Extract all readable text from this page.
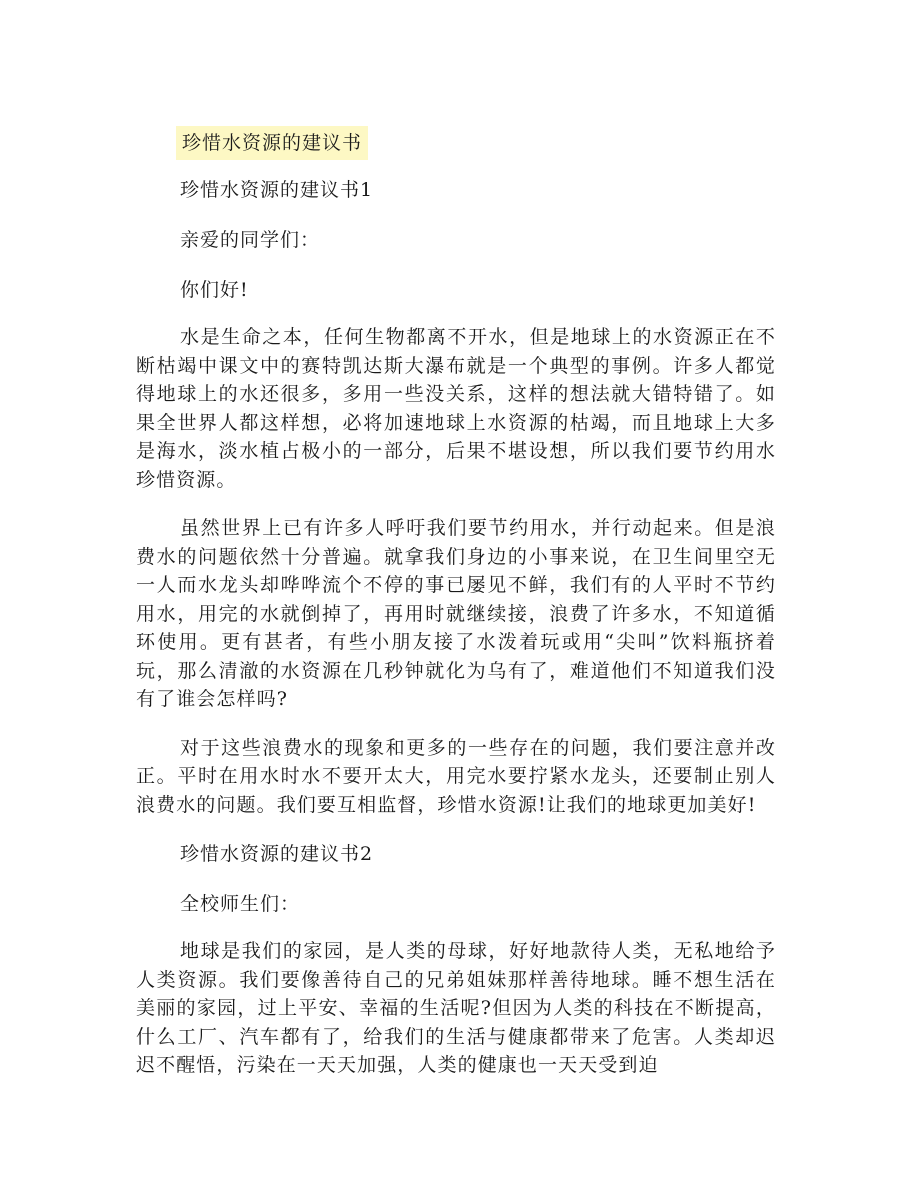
珍惜水资源的建议书
珍惜水资源的建议书1
亲爱的同学们：
你们好!

水是生命之本，任何生物都离不开水，但是地球上的水资源正在不断枯竭中课文中的赛特凯达斯大瀑布就是一个典型的事例。许多人都觉得地球上的水还很多，多用一些没关系，这样的想法就大错特错了。如果全世界人都这样想，必将加速地球上水资源的枯竭，而且地球上大多是海水，淡水植占极小的一部分，后果不堪设想，所以我们要节约用水珍惜资源。

虽然世界上已有许多人呼吁我们要节约用水，并行动起来。但是浪费水的问题依然十分普遍。就拿我们身边的小事来说，在卫生间里空无一人而水龙头却哗哗流个不停的事已屡见不鲜，我们有的人平时不节约用水，用完的水就倒掉了，再用时就继续接，浪费了许多水，不知道循环使用。更有甚者，有些小朋友接了水泼着玩或用“尖叫”饮料瓶挤着玩，那么清澈的水资源在几秒钟就化为乌有了，难道他们不知道我们没有了谁会怎样吗?

对于这些浪费水的现象和更多的一些存在的问题，我们要注意并改正。平时在用水时水不要开太大，用完水要拧紧水龙头，还要制止别人浪费水的问题。我们要互相监督，珍惜水资源!让我们的地球更加美好!

珍惜水资源的建议书2
全校师生们：

地球是我们的家园，是人类的母球，好好地款待人类，无私地给予人类资源。我们要像善待自己的兄弟姐妹那样善待地球。睡不想生活在美丽的家园，过上平安、幸福的生活呢?但因为人类的科技在不断提高，什么工厂、汽车都有了，给我们的生活与健康都带来了危害。人类却迟迟不醒悟，污染在一天天加强，人类的健康也一天天受到迫
